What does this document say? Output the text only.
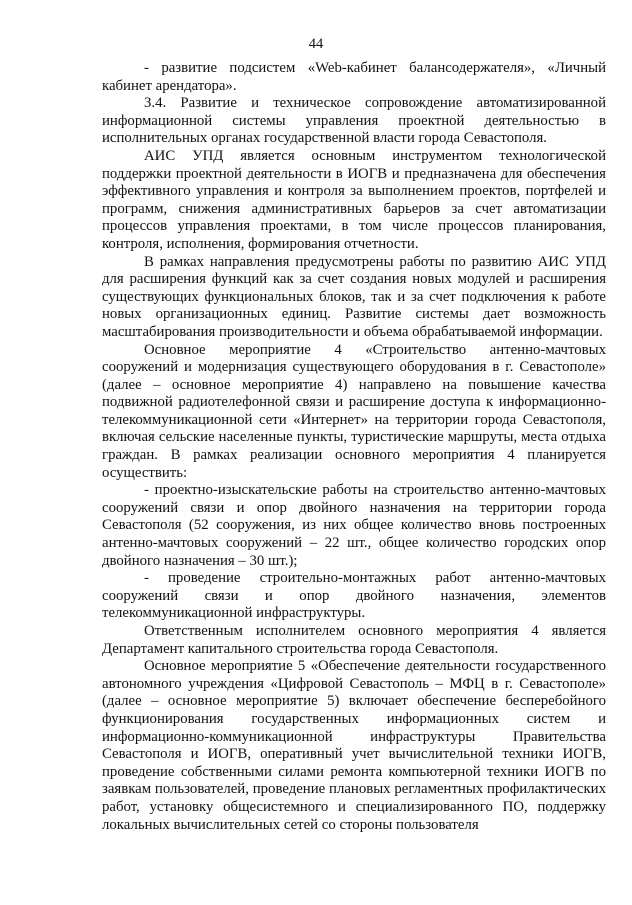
44

- развитие подсистем «Web-кабинет балансодержателя», «Личный кабинет арендатора».

3.4. Развитие и техническое сопровождение автоматизированной информационной системы управления проектной деятельностью в исполнительных органах государственной власти города Севастополя.

АИС УПД является основным инструментом технологической поддержки проектной деятельности в ИОГВ и предназначена для обеспечения эффективного управления и контроля за выполнением проектов, портфелей и программ, снижения административных барьеров за счет автоматизации процессов управления проектами, в том числе процессов планирования, контроля, исполнения, формирования отчетности.

В рамках направления предусмотрены работы по развитию АИС УПД для расширения функций как за счет создания новых модулей и расширения существующих функциональных блоков, так и за счет подключения к работе новых организационных единиц. Развитие системы дает возможность масштабирования производительности и объема обрабатываемой информации.

Основное мероприятие 4 «Строительство антенно-мачтовых сооружений и модернизация существующего оборудования в г. Севастополе» (далее – основное мероприятие 4) направлено на повышение качества подвижной радиотелефонной связи и расширение доступа к информационно-телекоммуникационной сети «Интернет» на территории города Севастополя, включая сельские населенные пункты, туристические маршруты, места отдыха граждан. В рамках реализации основного мероприятия 4 планируется осуществить:

- проектно-изыскательские работы на строительство антенно-мачтовых сооружений связи и опор двойного назначения на территории города Севастополя (52 сооружения, из них общее количество вновь построенных антенно-мачтовых сооружений – 22 шт., общее количество городских опор двойного назначения – 30 шт.);

- проведение строительно-монтажных работ антенно-мачтовых сооружений связи и опор двойного назначения, элементов телекоммуникационной инфраструктуры.

Ответственным исполнителем основного мероприятия 4 является Департамент капитального строительства города Севастополя.

Основное мероприятие 5 «Обеспечение деятельности государственного автономного учреждения «Цифровой Севастополь – МФЦ в г. Севастополе» (далее – основное мероприятие 5) включает обеспечение бесперебойного функционирования государственных информационных систем и информационно-коммуникационной инфраструктуры Правительства Севастополя и ИОГВ, оперативный учет вычислительной техники ИОГВ, проведение собственными силами ремонта компьютерной техники ИОГВ по заявкам пользователей, проведение плановых регламентных профилактических работ, установку общесистемного и специализированного ПО, поддержку локальных вычислительных сетей со стороны пользователя
